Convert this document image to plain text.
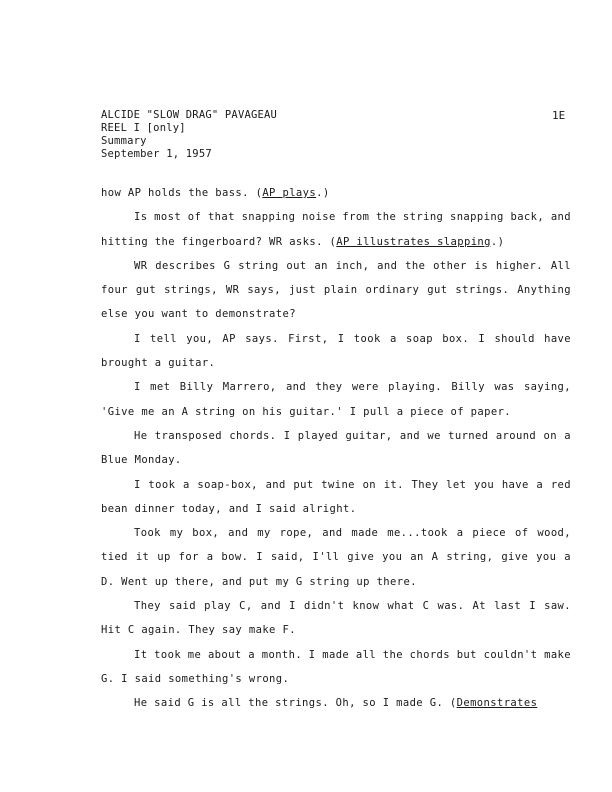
ALCIDE "SLOW DRAG" PAVAGEAU
REEL I [only]
Summary
September 1, 1957
1E

how AP holds the bass. (AP plays.)

Is most of that snapping noise from the string snapping back, and hitting the fingerboard? WR asks. (AP illustrates slapping.)

WR describes G string out an inch, and the other is higher. All four gut strings, WR says, just plain ordinary gut strings. Anything else you want to demonstrate?

I tell you, AP says. First, I took a soap box. I should have brought a guitar.

I met Billy Marrero, and they were playing. Billy was saying, 'Give me an A string on his guitar.' I pull a piece of paper.

He transposed chords. I played guitar, and we turned around on a Blue Monday.

I took a soap-box, and put twine on it. They let you have a red bean dinner today, and I said alright.

Took my box, and my rope, and made me...took a piece of wood, tied it up for a bow. I said, I'll give you an A string, give you a D. Went up there, and put my G string up there.

They said play C, and I didn't know what C was. At last I saw. Hit C again. They say make F.

It took me about a month. I made all the chords but couldn't make G. I said something's wrong.

He said G is all the strings. Oh, so I made G. (Demonstrates
